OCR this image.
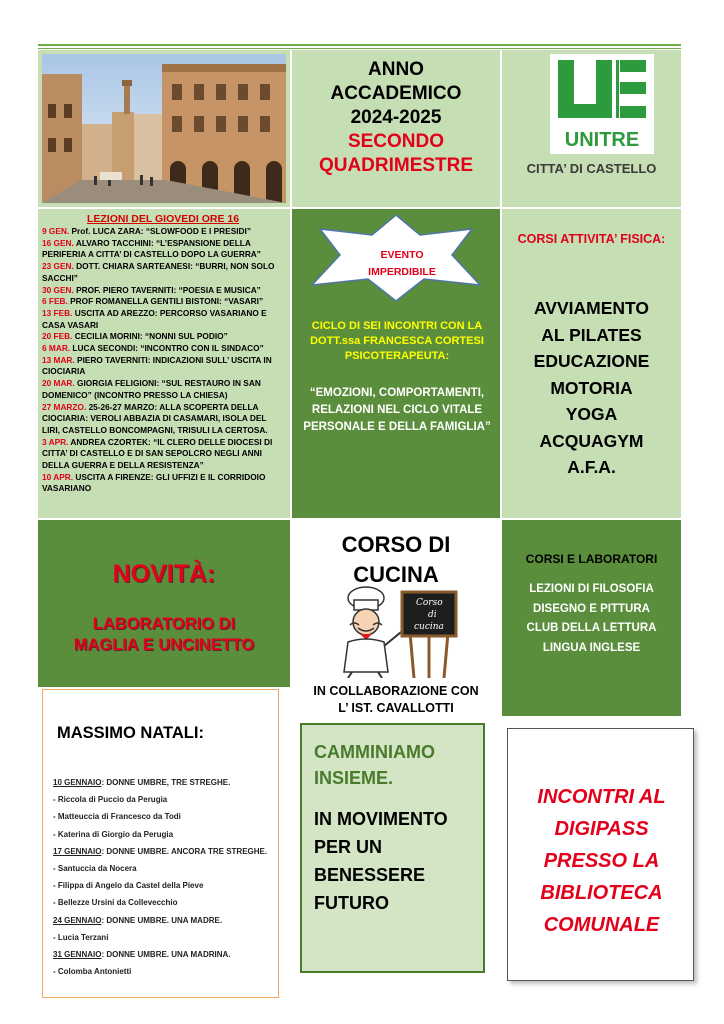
ANNO
ACCADEMICO
2024-2025
SECONDO
QUADRIMESTRE
UNITRE
CITTA’ DI CASTELLO
LEZIONI DEL GIOVEDI ORE 16
9 GEN. Prof. LUCA ZARA: “SLOWFOOD E I PRESIDI”
16 GEN. ALVARO TACCHINI: “L’ESPANSIONE DELLA PERIFERIA A CITTA’ DI CASTELLO DOPO LA GUERRA”
23 GEN. DOTT. CHIARA SARTEANESI: “BURRI, NON SOLO SACCHI”
30 GEN. PROF. PIERO TAVERNITI: “POESIA E MUSICA”
6 FEB. PROF ROMANELLA GENTILI BISTONI: “VASARI”
13 FEB. USCITA AD AREZZO: PERCORSO VASARIANO E CASA VASARI
20 FEB. CECILIA MORINI: “NONNI SUL PODIO”
6 MAR. LUCA SECONDI: “INCONTRO CON IL SINDACO”
13 MAR. PIERO TAVERNITI: INDICAZIONI SULL’ USCITA IN CIOCIARIA
20 MAR. GIORGIA FELIGIONI: “SUL RESTAURO IN SAN DOMENICO” (INCONTRO PRESSO LA CHIESA)
27 MARZO. 25-26-27 MARZO: ALLA SCOPERTA DELLA CIOCIARIA: VEROLI ABBAZIA DI CASAMARI, ISOLA DEL LIRI, CASTELLO BONCOMPAGNI, TRISULI LA CERTOSA.
3 APR. ANDREA CZORTEK: “IL CLERO DELLE DIOCESI DI CITTA’ DI CASTELLO E DI SAN SEPOLCRO NEGLI ANNI DELLA GUERRA E DELLA RESISTENZA”
10 APR. USCITA A FIRENZE: GLI UFFIZI E IL CORRIDOIO VASARIANO
EVENTO
IMPERDIBILE
CICLO DI SEI INCONTRI CON LA DOTT.ssa FRANCESCA CORTESI PSICOTERAPEUTA:
“EMOZIONI, COMPORTAMENTI, RELAZIONI NEL CICLO VITALE PERSONALE E DELLA FAMIGLIA”
CORSI ATTIVITA’ FISICA:
AVVIAMENTO
AL PILATES
EDUCAZIONE
MOTORIA
YOGA
ACQUAGYM
A.F.A.
NOVITÀ:
LABORATORIO DI
MAGLIA E UNCINETTO
CORSO DI
CUCINA
Corso
di
cucina
IN COLLABORAZIONE CON
L’ IST. CAVALLOTTI
CORSI E LABORATORI
LEZIONI DI FILOSOFIA
DISEGNO E PITTURA
CLUB DELLA LETTURA
LINGUA INGLESE
MASSIMO NATALI:
10 GENNAIO: DONNE UMBRE, TRE STREGHE.
- Riccola di Puccio da Perugia
- Matteuccia di Francesco da Todi
- Katerina di Giorgio da Perugia
17 GENNAIO: DONNE UMBRE. ANCORA TRE STREGHE.
- Santuccia da Nocera
- Filippa di Angelo da Castel della Pieve
- Bellezze Ursini da Collevecchio
24 GENNAIO: DONNE UMBRE. UNA MADRE.
- Lucia Terzani
31 GENNAIO: DONNE UMBRE. UNA MADRINA.
- Colomba Antonietti
CAMMINIAMO
INSIEME.
IN MOVIMENTO
PER UN
BENESSERE
FUTURO
INCONTRI AL
DIGIPASS
PRESSO LA
BIBLIOTECA
COMUNALE
